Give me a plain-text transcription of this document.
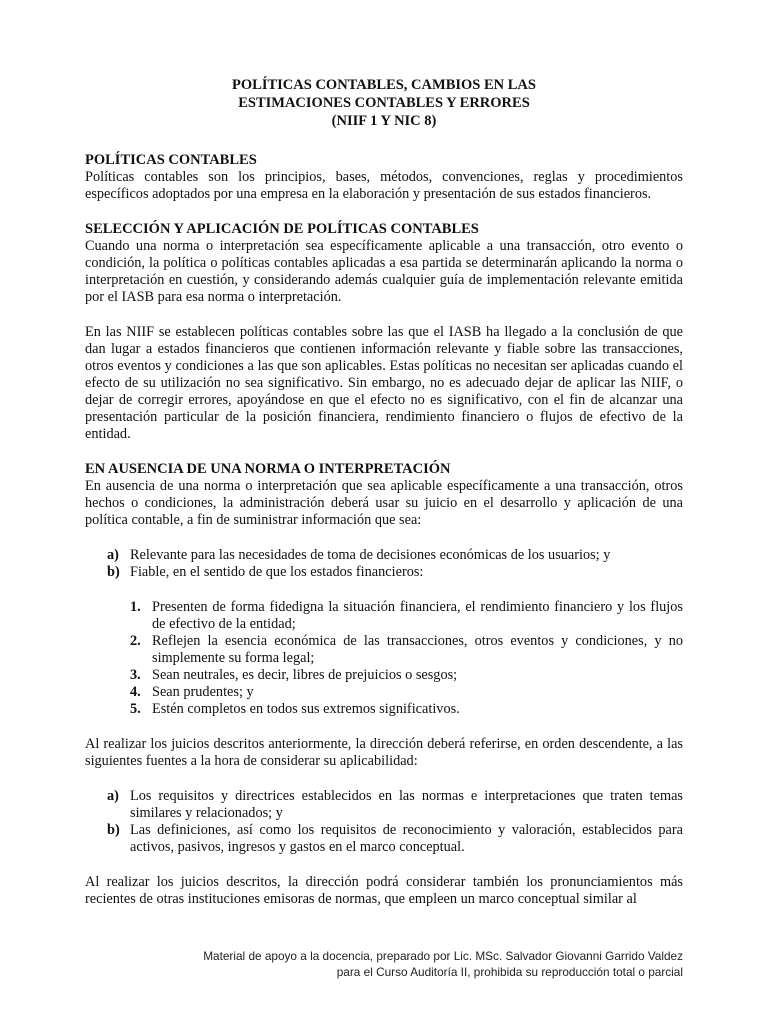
POLÍTICAS CONTABLES, CAMBIOS EN LAS
ESTIMACIONES CONTABLES Y ERRORES
(NIIF 1 Y NIC 8)
POLÍTICAS CONTABLES

Políticas contables son los principios, bases, métodos, convenciones, reglas y procedimientos específicos adoptados por una empresa en la elaboración y presentación de sus estados financieros.

SELECCIÓN Y APLICACIÓN DE POLÍTICAS CONTABLES

Cuando una norma o interpretación sea específicamente aplicable a una transacción, otro evento o condición, la política o políticas contables aplicadas a esa partida se determinarán aplicando la norma o interpretación en cuestión, y considerando además cualquier guía de implementación relevante emitida por el IASB para esa norma o interpretación.

En las NIIF se establecen políticas contables sobre las que el IASB ha llegado a la conclusión de que dan lugar a estados financieros que contienen información relevante y fiable sobre las transacciones, otros eventos y condiciones a las que son aplicables. Estas políticas no necesitan ser aplicadas cuando el efecto de su utilización no sea significativo. Sin embargo, no es adecuado dejar de aplicar las NIIF, o dejar de corregir errores, apoyándose en que el efecto no es significativo, con el fin de alcanzar una presentación particular de la posición financiera, rendimiento financiero o flujos de efectivo de la entidad.

EN AUSENCIA DE UNA NORMA O INTERPRETACIÓN

En ausencia de una norma o interpretación que sea aplicable específicamente a una transacción, otros hechos o condiciones, la administración deberá usar su juicio en el desarrollo y aplicación de una política contable, a fin de suministrar información que sea:

a) Relevante para las necesidades de toma de decisiones económicas de los usuarios; y
b) Fiable, en el sentido de que los estados financieros:
1. Presenten de forma fidedigna la situación financiera, el rendimiento financiero y los flujos de efectivo de la entidad;
2. Reflejen la esencia económica de las transacciones, otros eventos y condiciones, y no simplemente su forma legal;
3. Sean neutrales, es decir, libres de prejuicios o sesgos;
4. Sean prudentes; y
5. Estén completos en todos sus extremos significativos.

Al realizar los juicios descritos anteriormente, la dirección deberá referirse, en orden descendente, a las siguientes fuentes a la hora de considerar su aplicabilidad:

a) Los requisitos y directrices establecidos en las normas e interpretaciones que traten temas similares y relacionados; y
b) Las definiciones, así como los requisitos de reconocimiento y valoración, establecidos para activos, pasivos, ingresos y gastos en el marco conceptual.

Al realizar los juicios descritos, la dirección podrá considerar también los pronunciamientos más recientes de otras instituciones emisoras de normas, que empleen un marco conceptual similar al

Material de apoyo a la docencia, preparado por Lic. MSc. Salvador Giovanni Garrido Valdez
para el Curso Auditoría II, prohibida su reproducción total o parcial
